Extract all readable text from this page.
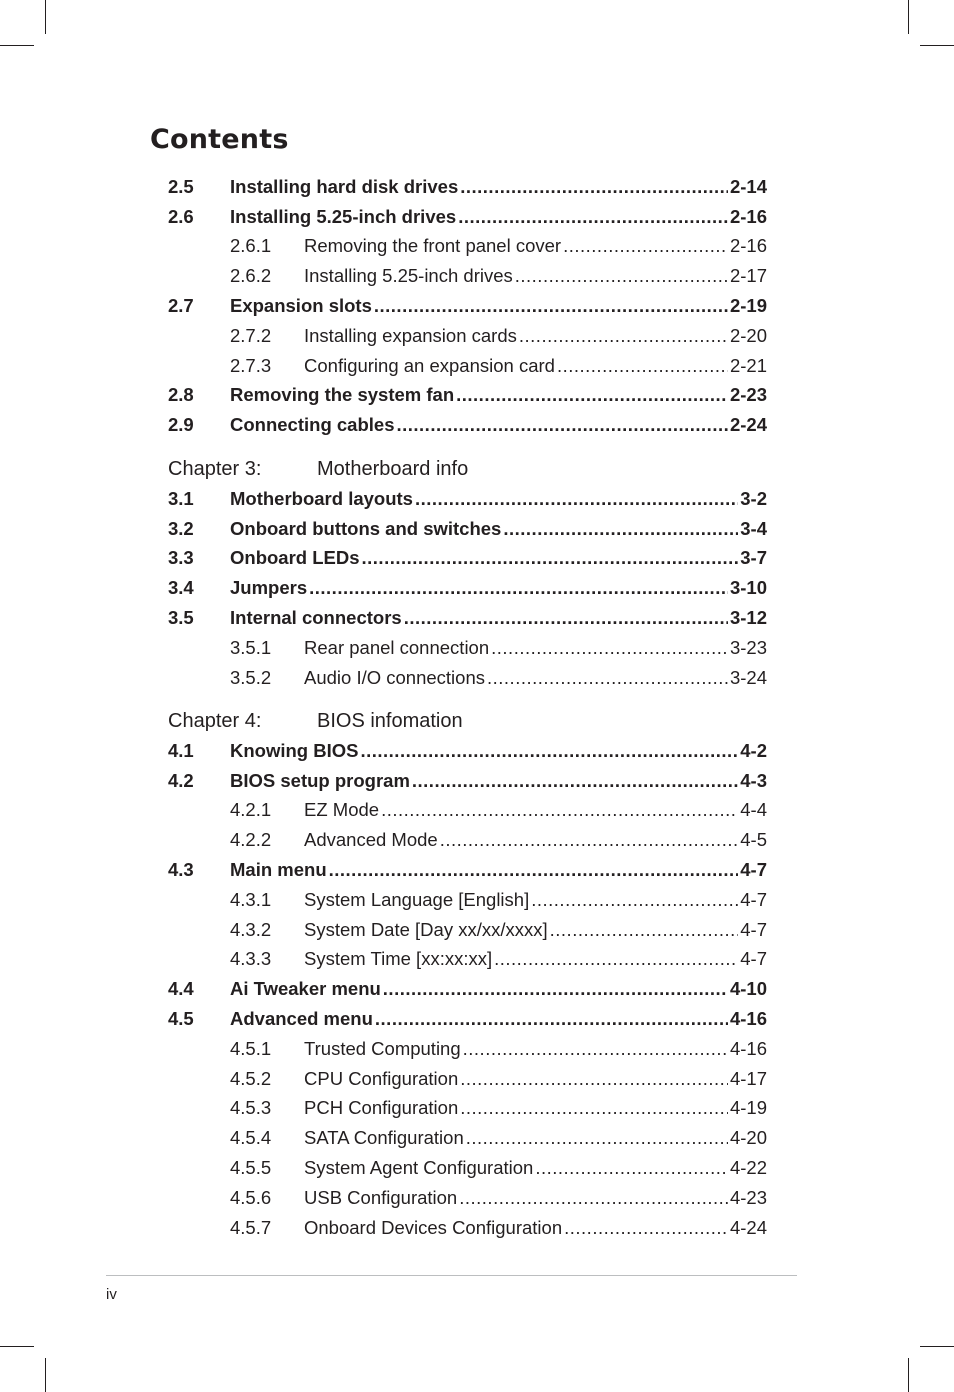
Contents
2.5 Installing hard disk drives .....	2-14
2.6 Installing 5.25-inch drives .....	2-16
2.6.1 Removing the front panel cover .....	2-16
2.6.2 Installing 5.25-inch drives .....	2-17
2.7 Expansion slots .....	2-19
2.7.2 Installing expansion cards .....	2-20
2.7.3 Configuring an expansion card .....	2-21
2.8 Removing the system fan .....	2-23
2.9 Connecting cables .....	2-24
Chapter 3:	Motherboard info
3.1 Motherboard layouts .....	3-2
3.2 Onboard buttons and switches .....	3-4
3.3 Onboard LEDs .....	3-7
3.4 Jumpers .....	3-10
3.5 Internal connectors .....	3-12
3.5.1 Rear panel connection .....	3-23
3.5.2 Audio I/O connections .....	3-24
Chapter 4:	BIOS infomation
4.1 Knowing BIOS .....	4-2
4.2 BIOS setup program .....	4-3
4.2.1 EZ Mode .....	4-4
4.2.2 Advanced Mode .....	4-5
4.3 Main menu .....	4-7
4.3.1 System Language [English] .....	4-7
4.3.2 System Date [Day xx/xx/xxxx] .....	4-7
4.3.3 System Time [xx:xx:xx] .....	4-7
4.4 Ai Tweaker menu .....	4-10
4.5 Advanced menu .....	4-16
4.5.1 Trusted Computing .....	4-16
4.5.2 CPU Configuration .....	4-17
4.5.3 PCH Configuration .....	4-19
4.5.4 SATA Configuration .....	4-20
4.5.5 System Agent Configuration .....	4-22
4.5.6 USB Configuration .....	4-23
4.5.7 Onboard Devices Configuration .....	4-24
iv
